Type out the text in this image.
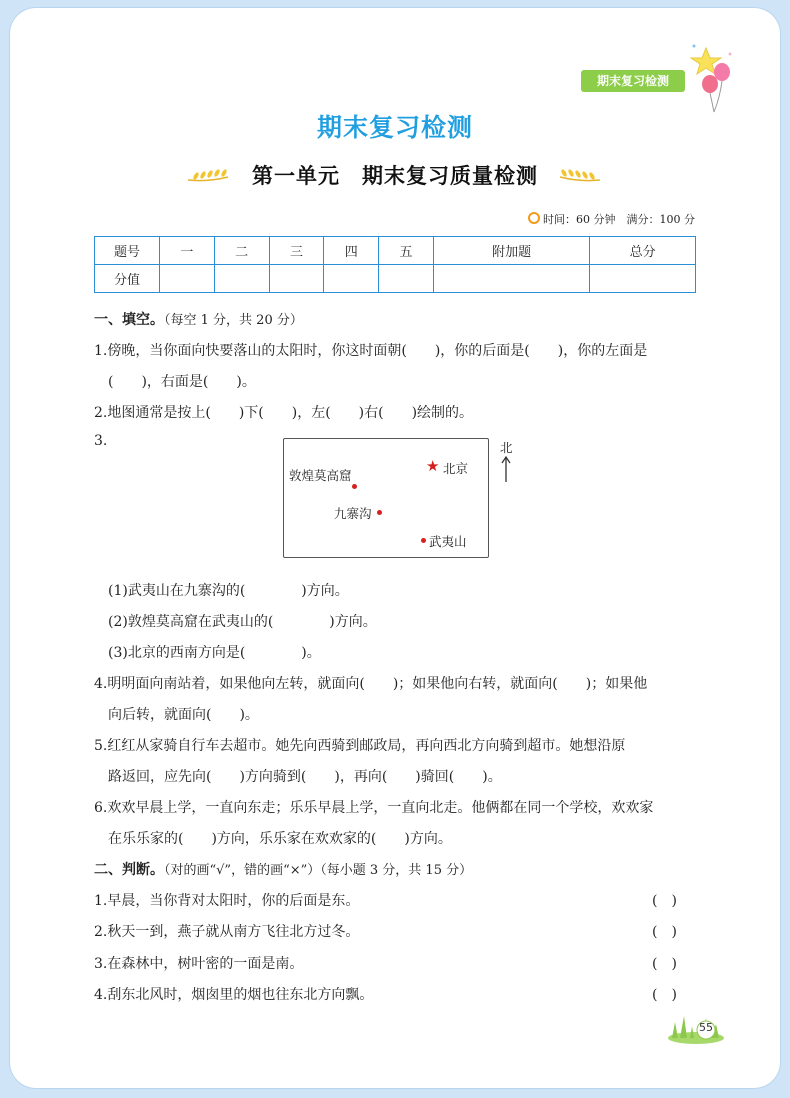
期末复习检测
期末复习检测
第一单元　期末复习质量检测
时间：60 分钟　满分：100 分
题号	一	二	三	四	五	附加题	总分
分值							
一、填空。（每空 1 分，共 20 分）
1.傍晚，当你面向快要落山的太阳时，你这时面朝(　　)，你的后面是(　　)，你的左面是
(　　)，右面是(　　)。
2.地图通常是按上(　　)下(　　)，左(　　)右(　　)绘制的。
3.
敦煌莫高窟
★ 北京
九寨沟
武夷山
北
(1)武夷山在九寨沟的(　　　　)方向。
(2)敦煌莫高窟在武夷山的(　　　　)方向。
(3)北京的西南方向是(　　　　)。
4.明明面向南站着，如果他向左转，就面向(　　)；如果他向右转，就面向(　　)；如果他
向后转，就面向(　　)。
5.红红从家骑自行车去超市。她先向西骑到邮政局，再向西北方向骑到超市。她想沿原
路返回，应先向(　　)方向骑到(　　)，再向(　　)骑回(　　)。
6.欢欢早晨上学，一直向东走；乐乐早晨上学，一直向北走。他俩都在同一个学校，欢欢家
在乐乐家的(　　)方向，乐乐家在欢欢家的(　　)方向。
二、判断。（对的画“√”，错的画“×”）（每小题 3 分，共 15 分）
1.早晨，当你背对太阳时，你的后面是东。	(　)
2.秋天一到，燕子就从南方飞往北方过冬。	(　)
3.在森林中，树叶密的一面是南。	(　)
4.刮东北风时，烟囱里的烟也往东北方向飘。	(　)
55
